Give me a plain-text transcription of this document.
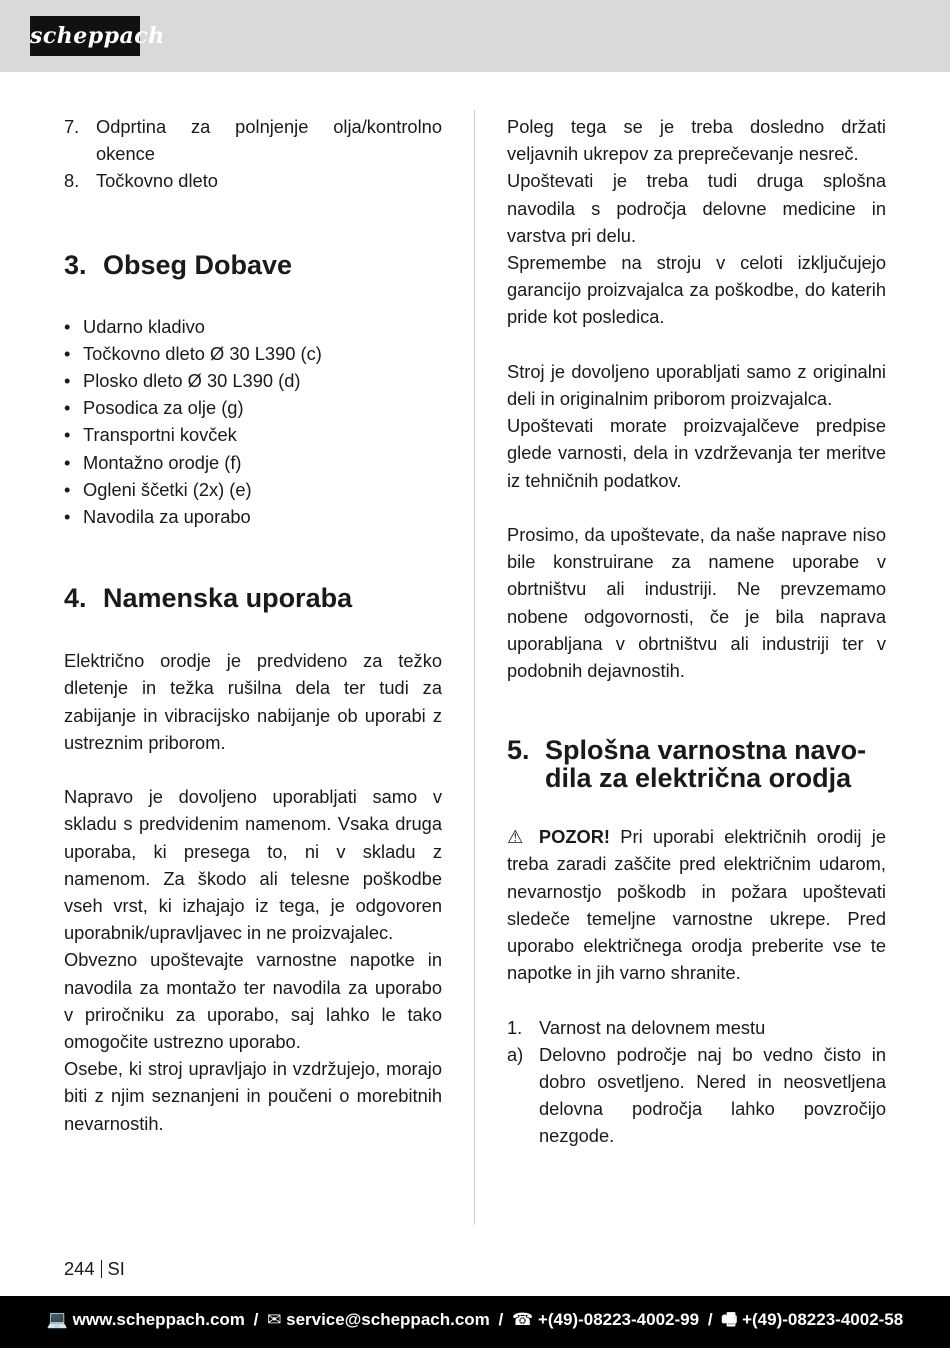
scheppach
7. Odprtina za polnjenje olja/kontrolno okence
8. Točkovno dleto
3. Obseg Dobave
• Udarno kladivo
• Točkovno dleto Ø 30 L390 (c)
• Plosko dleto Ø 30 L390 (d)
• Posodica za olje (g)
• Transportni kovček
• Montažno orodje (f)
• Ogleni ščetki (2x) (e)
• Navodila za uporabo
4. Namenska uporaba

Električno orodje je predvideno za težko dletenje in težka rušilna dela ter tudi za zabijanje in vibracijsko nabijanje ob uporabi z ustreznim priborom.

Napravo je dovoljeno uporabljati samo v skladu s predvidenim namenom. Vsaka druga uporaba, ki presega to, ni v skladu z namenom. Za škodo ali telesne poškodbe vseh vrst, ki izhajajo iz tega, je odgovoren uporabnik/upravljavec in ne proizvajalec.

Obvezno upoštevajte varnostne napotke in navodila za montažo ter navodila za uporabo v priročniku za uporabo, saj lahko le tako omogočite ustrezno uporabo.

Osebe, ki stroj upravljajo in vzdržujejo, morajo biti z njim seznanjeni in poučeni o morebitnih nevarnostih.

Poleg tega se je treba dosledno držati veljavnih ukrepov za preprečevanje nesreč.

Upoštevati je treba tudi druga splošna navodila s področja delovne medicine in varstva pri delu.

Spremembe na stroju v celoti izključujejo garancijo proizvajalca za poškodbe, do katerih pride kot posledica.

Stroj je dovoljeno uporabljati samo z originalni deli in originalnim priborom proizvajalca.

Upoštevati morate proizvajalčeve predpise glede varnosti, dela in vzdrževanja ter meritve iz tehničnih podatkov.

Prosimo, da upoštevate, da naše naprave niso bile konstruirane za namene uporabe v obrtništvu ali industriji. Ne prevzemamo nobene odgovornosti, če je bila naprava uporabljana v obrtništvu ali industriji ter v podobnih dejavnostih.

5. Splošna varnostna navo-
dila za električna orodja

⚠ POZOR! Pri uporabi električnih orodij je treba zaradi zaščite pred električnim udarom, nevarnostjo poškodb in požara upoštevati sledeče temeljne varnostne ukrepe. Pred uporabo električnega orodja preberite vse te napotke in jih varno shranite.

1. Varnost na delovnem mestu
a) Delovno področje naj bo vedno čisto in dobro osvetljeno. Nered in neosvetljena delovna področja lahko povzročijo nezgode.
244 SI
💻 www.scheppach.com / ✉ service@scheppach.com / ☎ +(49)-08223-4002-99 / 🖷 +(49)-08223-4002-58
